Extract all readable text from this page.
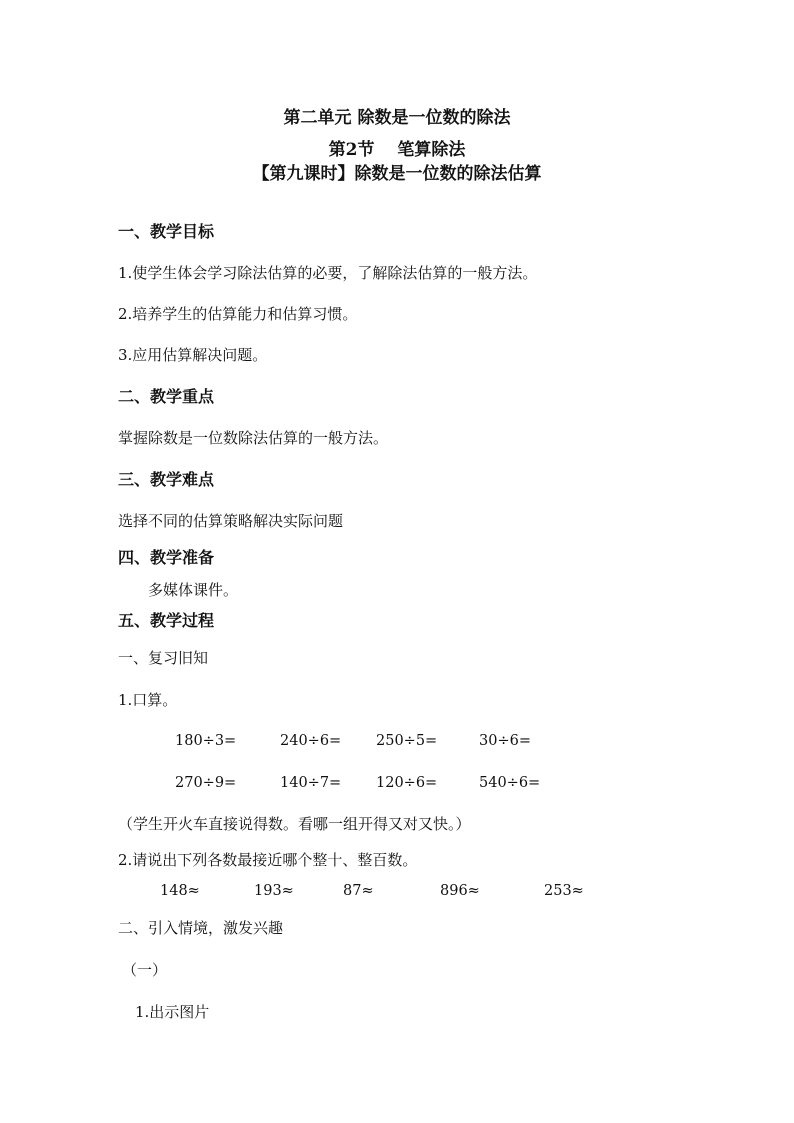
第二单元 除数是一位数的除法
第2节　 笔算除法
【第九课时】除数是一位数的除法估算
一、教学目标
1.使学生体会学习除法估算的必要，了解除法估算的一般方法。
2.培养学生的估算能力和估算习惯。
3.应用估算解决问题。
二、教学重点
掌握除数是一位数除法估算的一般方法。
三、教学难点
选择不同的估算策略解决实际问题
四、教学准备
多媒体课件。
五、教学过程
一、复习旧知
1.口算。
180÷3=	240÷6= 250÷5=	30÷6=
270÷9=	140÷7= 120÷6=	540÷6=
（学生开火车直接说得数。看哪一组开得又对又快。）
2.请说出下列各数最接近哪个整十、整百数。
148≈	193≈	87≈	896≈	253≈
二、引入情境，激发兴趣
（一）
1.出示图片
